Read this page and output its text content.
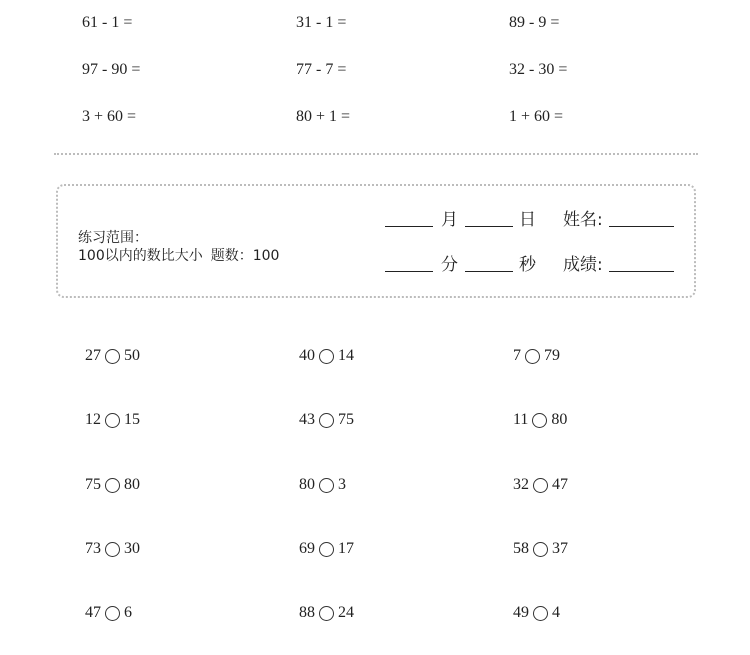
61 - 1 =	31 - 1 =	89 - 9 =
97 - 90 =	77 - 7 =	32 - 30 =
3 + 60 =	80 + 1 =	1 + 60 =
练习范围：
100以内的数比大小 题数：100
月	日 姓名:
分	秒 成绩:
27 50	40 14	7 79
12 15	43 75	11 80
75 80	80 3	32 47
73 30	69 17	58 37
47 6	88 24	49 4
